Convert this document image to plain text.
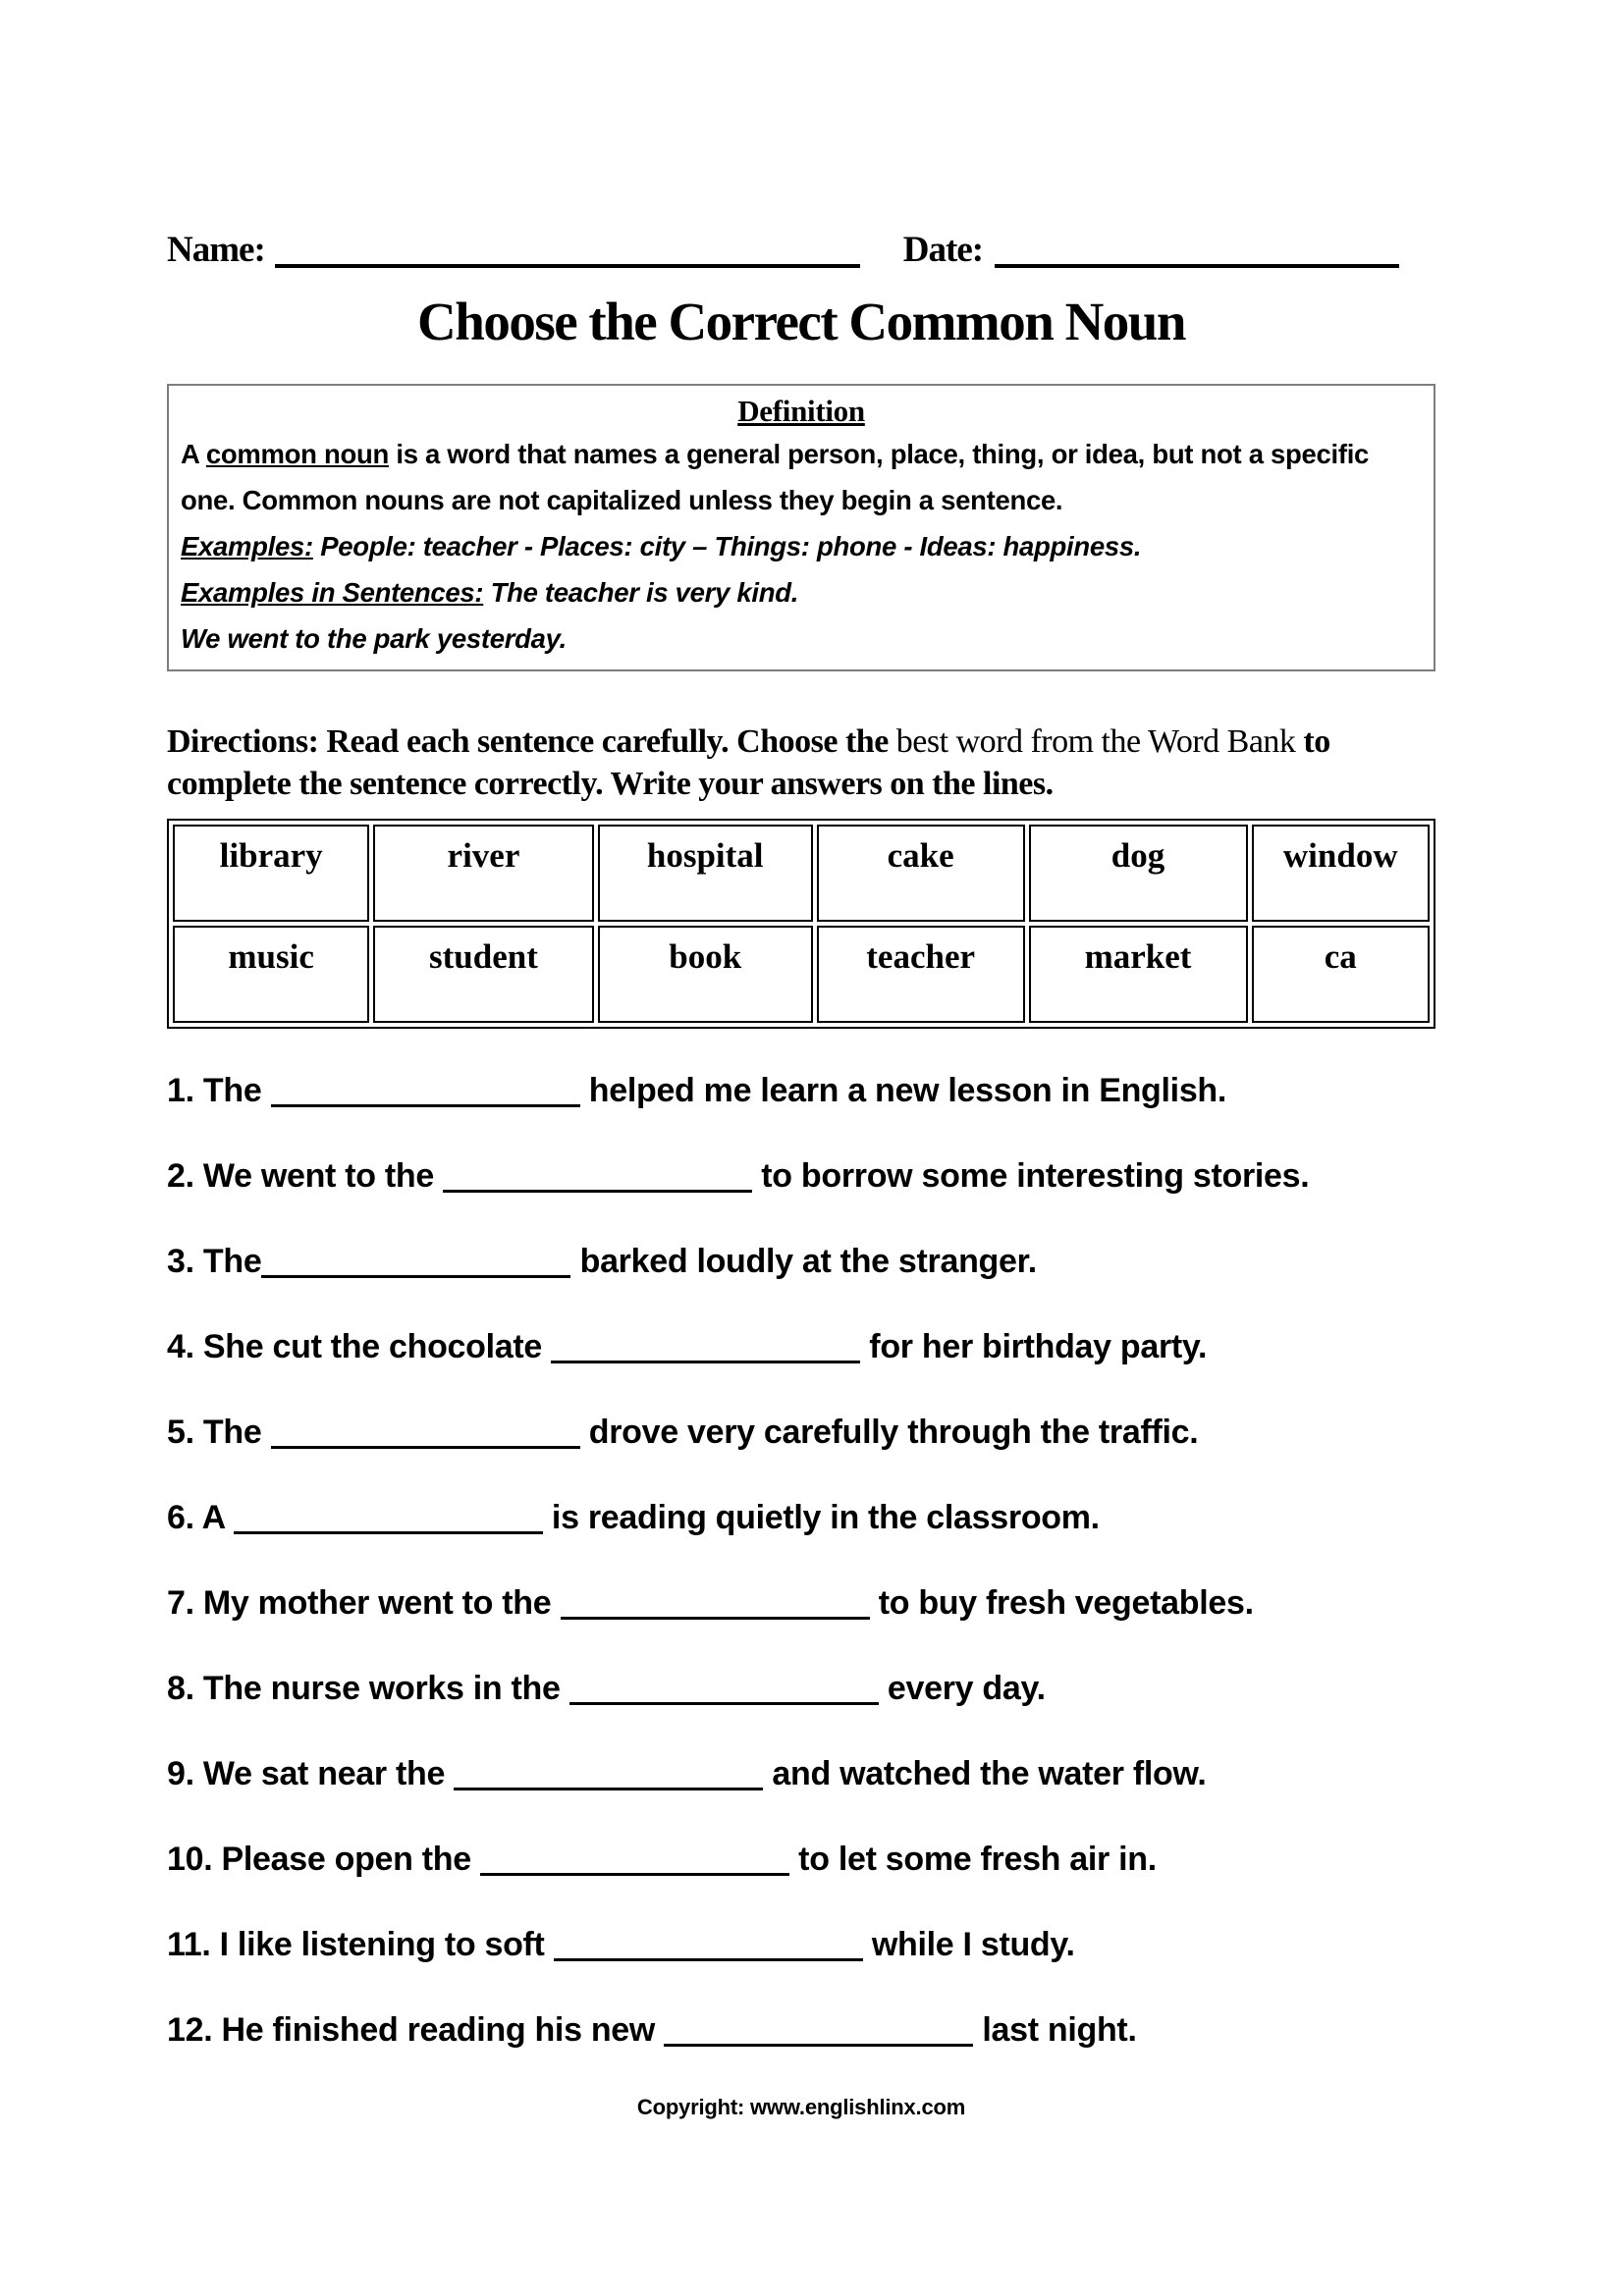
Name:	Date:
Choose the Correct Common Noun
Definition

A common noun is a word that names a general person, place, thing, or idea, but not a specific one. Common nouns are not capitalized unless they begin a sentence.

Examples: People: teacher - Places: city – Things: phone - Ideas: happiness.

Examples in Sentences: The teacher is very kind.

We went to the park yesterday.

Directions: Read each sentence carefully. Choose the best word from the Word Bank to complete the sentence correctly. Write your answers on the lines.

library	river	hospital	cake	dog	window
music	student	book	teacher	market	ca
1. The	helped me learn a new lesson in English.
2. We went to the	to borrow some interesting stories.
3. The	barked loudly at the stranger.
4. She cut the chocolate	for her birthday party.
5. The	drove very carefully through the traffic.
6. A	is reading quietly in the classroom.
7. My mother went to the	to buy fresh vegetables.
8. The nurse works in the	every day.
9. We sat near the	and watched the water flow.
10. Please open the	to let some fresh air in.
11. I like listening to soft	while I study.
12. He finished reading his new	last night.
Copyright: www.englishlinx.com
